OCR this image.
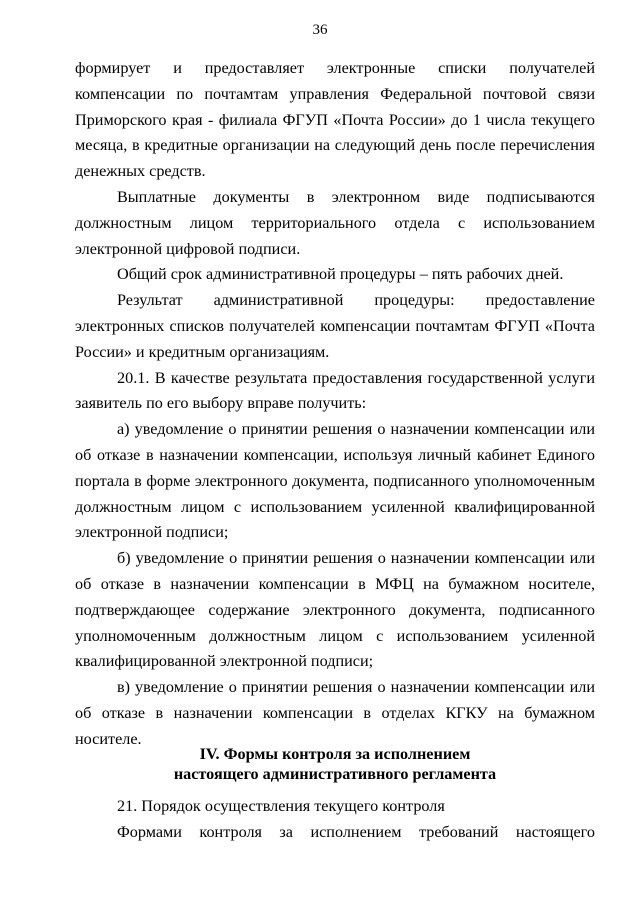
36

формирует и предоставляет электронные списки получателей компенсации по почтамтам управления Федеральной почтовой связи Приморского края - филиала ФГУП «Почта России» до 1 числа текущего месяца, в кредитные организации на следующий день после перечисления денежных средств.

Выплатные документы в электронном виде подписываются должностным лицом территориального отдела с использованием электронной цифровой подписи.

Общий срок административной процедуры – пять рабочих дней.

Результат административной процедуры: предоставление электронных списков получателей компенсации почтамтам ФГУП «Почта России» и кредитным организациям.

20.1. В качестве результата предоставления государственной услуги заявитель по его выбору вправе получить:

а) уведомление о принятии решения о назначении компенсации или об отказе в назначении компенсации, используя личный кабинет Единого портала в форме электронного документа, подписанного уполномоченным должностным лицом с использованием усиленной квалифицированной электронной подписи;

б) уведомление о принятии решения о назначении компенсации или об отказе в назначении компенсации в МФЦ на бумажном носителе, подтверждающее содержание электронного документа, подписанного уполномоченным должностным лицом с использованием усиленной квалифицированной электронной подписи;

в) уведомление о принятии решения о назначении компенсации или об отказе в назначении компенсации в отделах КГКУ на бумажном носителе.

IV. Формы контроля за исполнением
настоящего административного регламента

21. Порядок осуществления текущего контроля

Формами контроля за исполнением требований настоящего
